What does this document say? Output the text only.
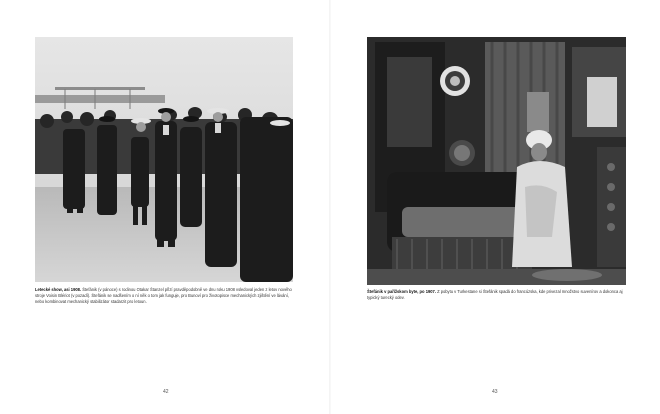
Letecké show, asi 1908. Štefánik (v pánoce) s rodinou Otakar Štanzel přizí pravděpodobně ve dnu roku 1908 vsledoval jeden z letov nového stroje Voisin Blériot (v pozadí). Štefánik se nadšením o ní něk o tom jak funguje, pro Bunoví pro životopisce mechanických zjištění ve lávání, nebo kombinovat mechanický stabilizátor stadarzit pro letoun.
Štefánik v pařížskom byte, po 1907. Z pobytu v Turkestane si Štefánik spadá do francúzska, kde privezal množstvo suvenírov a dokonca aj typický turecký odev.
42	43
